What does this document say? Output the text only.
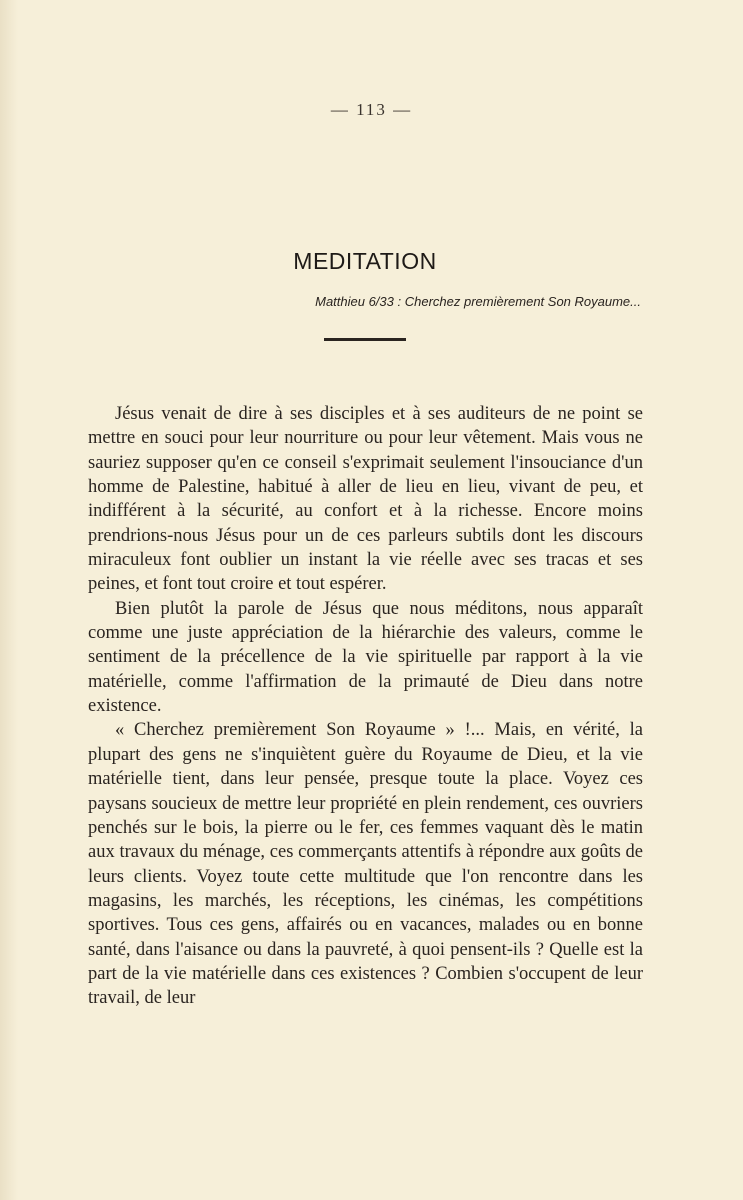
— 113 —
MEDITATION
Matthieu 6/33 : Cherchez premièrement Son Royaume...

Jésus venait de dire à ses disciples et à ses auditeurs de ne point se mettre en souci pour leur nourriture ou pour leur vêtement. Mais vous ne sauriez supposer qu'en ce conseil s'exprimait seulement l'insouciance d'un homme de Palestine, habitué à aller de lieu en lieu, vivant de peu, et indifférent à la sécurité, au confort et à la richesse. Encore moins prendrions-nous Jésus pour un de ces parleurs subtils dont les discours miraculeux font oublier un instant la vie réelle avec ses tracas et ses peines, et font tout croire et tout espérer.

Bien plutôt la parole de Jésus que nous méditons, nous apparaît comme une juste appréciation de la hiérarchie des valeurs, comme le sentiment de la précellence de la vie spirituelle par rapport à la vie matérielle, comme l'affirmation de la primauté de Dieu dans notre existence.

« Cherchez premièrement Son Royaume » !... Mais, en vérité, la plupart des gens ne s'inquiètent guère du Royaume de Dieu, et la vie matérielle tient, dans leur pensée, presque toute la place. Voyez ces paysans soucieux de mettre leur propriété en plein rendement, ces ouvriers penchés sur le bois, la pierre ou le fer, ces femmes vaquant dès le matin aux travaux du ménage, ces commerçants attentifs à répondre aux goûts de leurs clients. Voyez toute cette multitude que l'on rencontre dans les magasins, les marchés, les réceptions, les cinémas, les compétitions sportives. Tous ces gens, affairés ou en vacances, malades ou en bonne santé, dans l'aisance ou dans la pauvreté, à quoi pensent-ils ? Quelle est la part de la vie matérielle dans ces existences ? Combien s'occupent de leur travail, de leur
